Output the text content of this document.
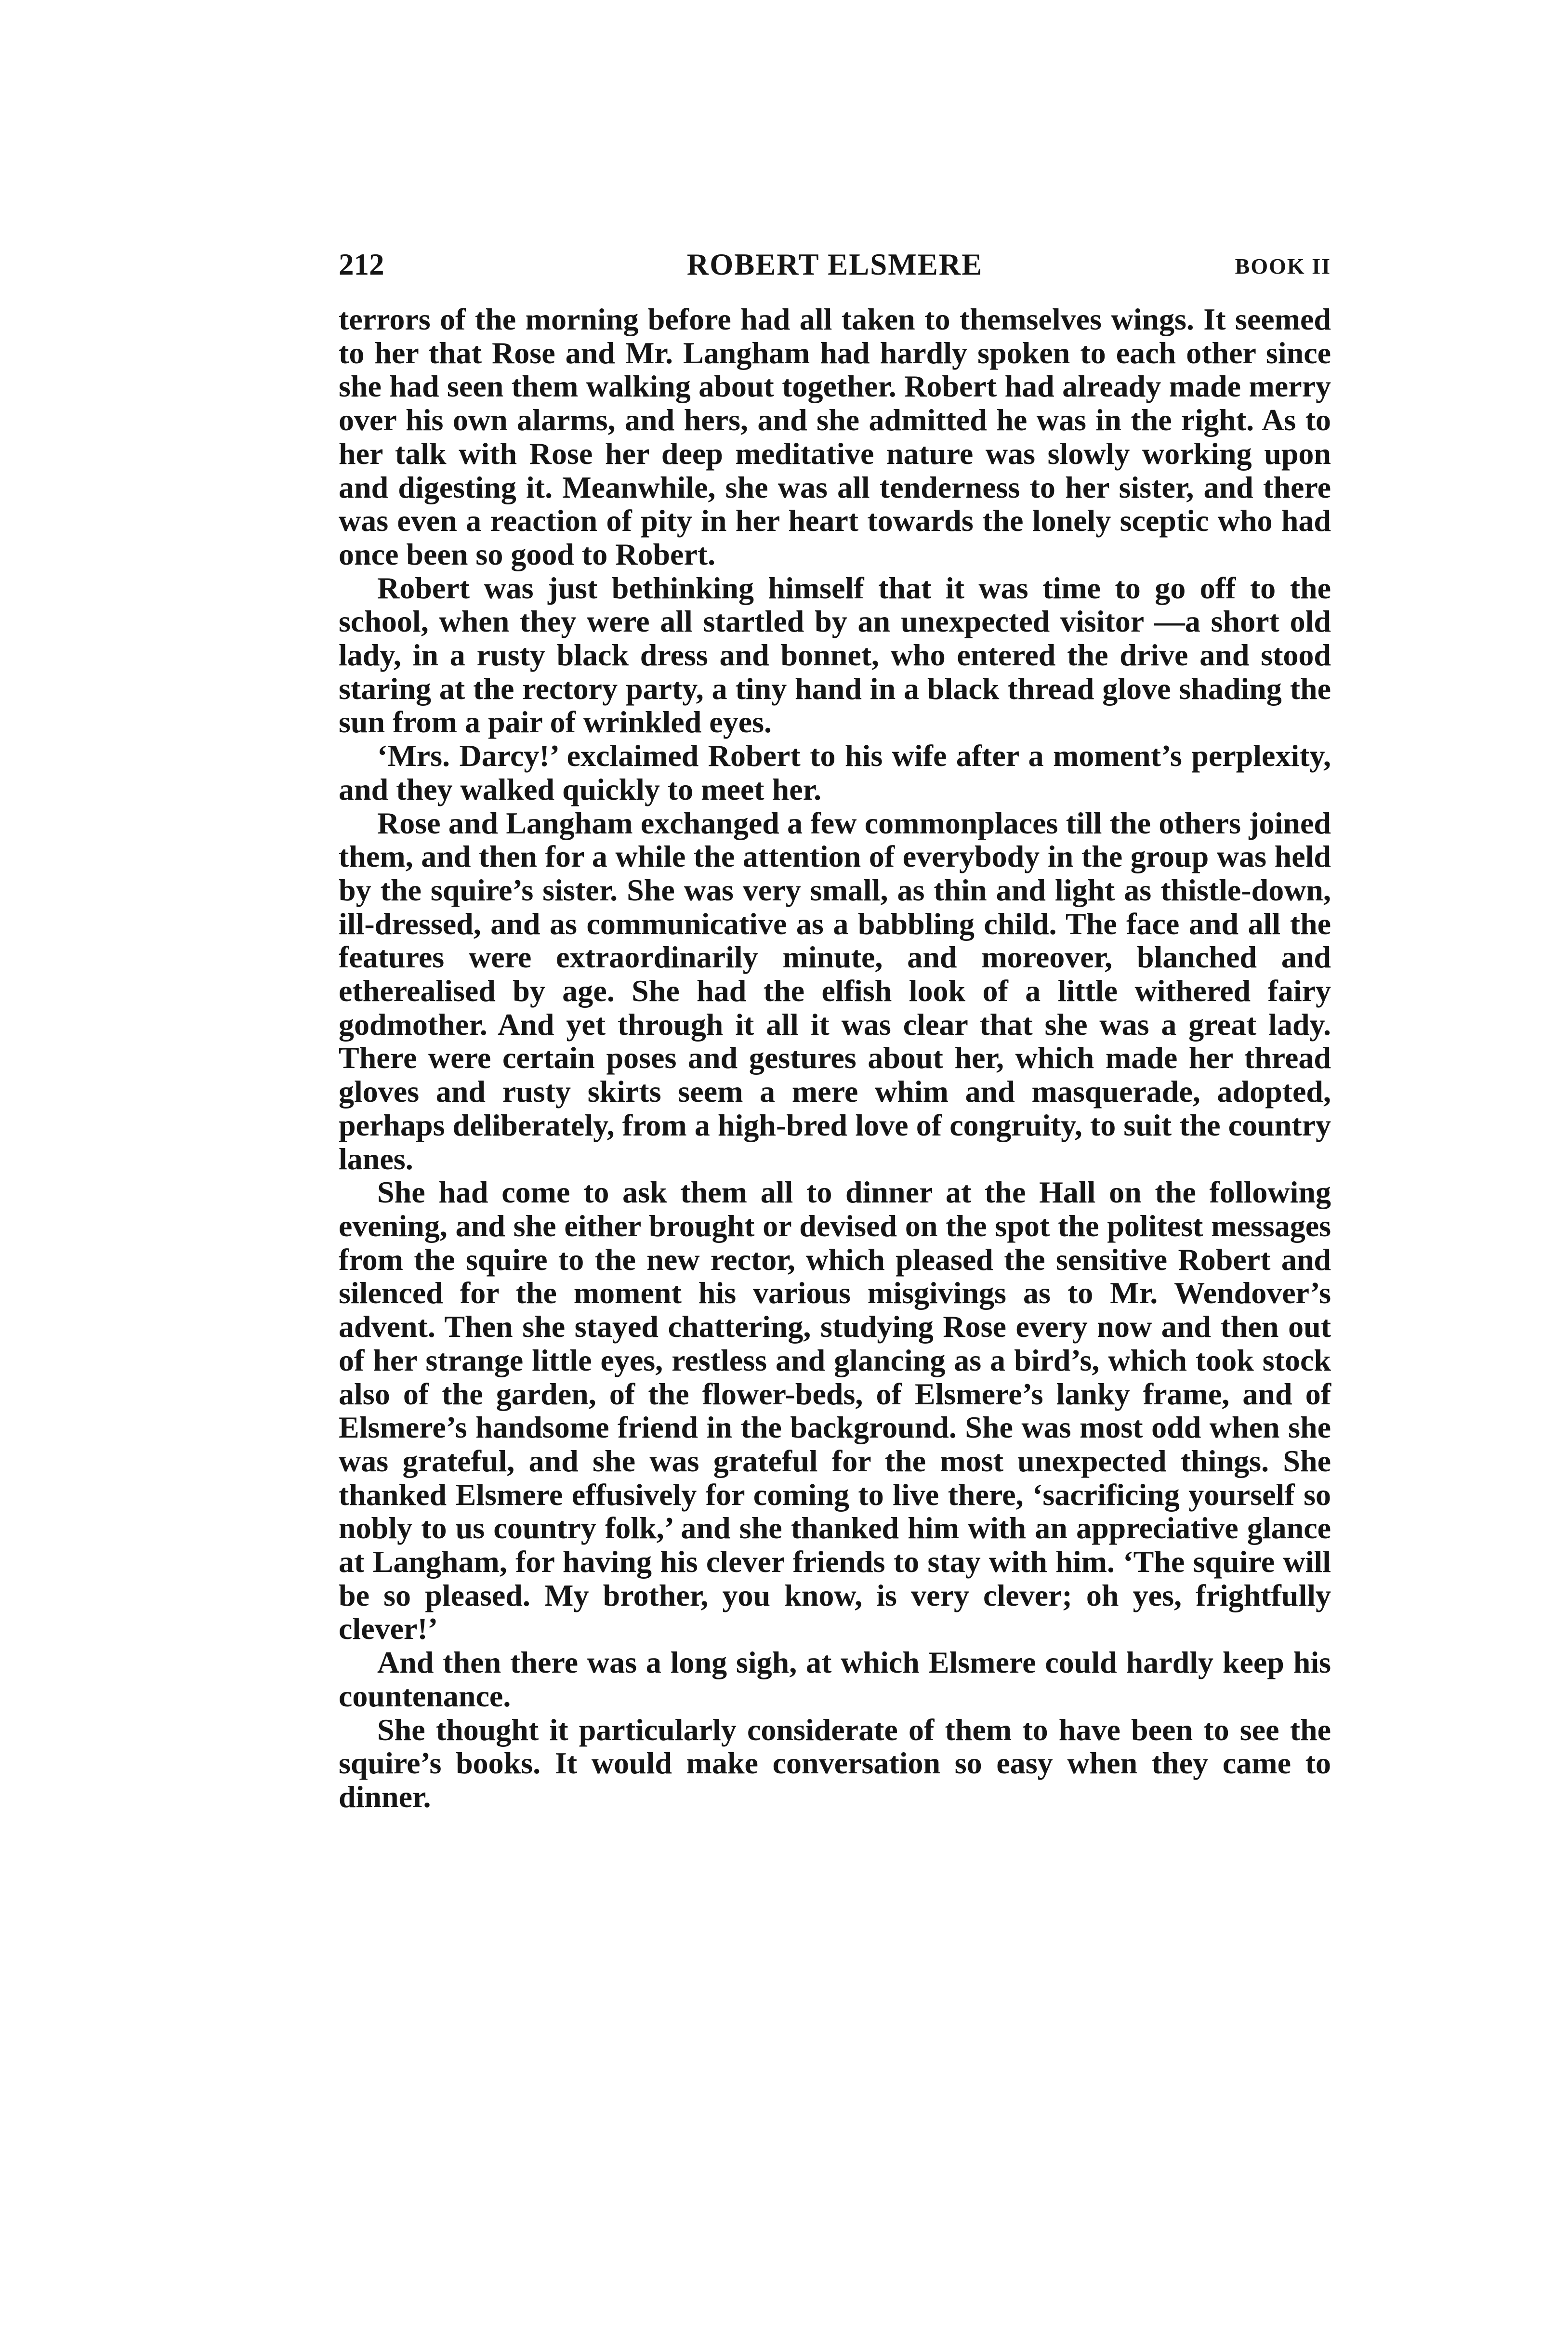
212	ROBERT ELSMERE	BOOK II

terrors of the morning before had all taken to themselves wings. It seemed to her that Rose and Mr. Langham had hardly spoken to each other since she had seen them walking about together. Robert had already made merry over his own alarms, and hers, and she admitted he was in the right. As to her talk with Rose her deep meditative nature was slowly working upon and digesting it. Meanwhile, she was all tenderness to her sister, and there was even a reaction of pity in her heart towards the lonely sceptic who had once been so good to Robert.

Robert was just bethinking himself that it was time to go off to the school, when they were all startled by an unexpected visitor —a short old lady, in a rusty black dress and bonnet, who entered the drive and stood staring at the rectory party, a tiny hand in a black thread glove shading the sun from a pair of wrinkled eyes.

‘Mrs. Darcy!’ exclaimed Robert to his wife after a moment’s perplexity, and they walked quickly to meet her.

Rose and Langham exchanged a few commonplaces till the others joined them, and then for a while the attention of everybody in the group was held by the squire’s sister. She was very small, as thin and light as thistle-down, ill-dressed, and as communicative as a babbling child. The face and all the features were extraordinarily minute, and moreover, blanched and etherealised by age. She had the elfish look of a little withered fairy godmother. And yet through it all it was clear that she was a great lady. There were certain poses and gestures about her, which made her thread gloves and rusty skirts seem a mere whim and masquerade, adopted, perhaps deliberately, from a high-bred love of congruity, to suit the country lanes.

She had come to ask them all to dinner at the Hall on the following evening, and she either brought or devised on the spot the politest messages from the squire to the new rector, which pleased the sensitive Robert and silenced for the moment his various misgivings as to Mr. Wendover’s advent. Then she stayed chattering, studying Rose every now and then out of her strange little eyes, restless and glancing as a bird’s, which took stock also of the garden, of the flower-beds, of Elsmere’s lanky frame, and of Elsmere’s handsome friend in the background. She was most odd when she was grateful, and she was grateful for the most unexpected things. She thanked Elsmere effusively for coming to live there, ‘sacrificing yourself so nobly to us country folk,’ and she thanked him with an appreciative glance at Langham, for having his clever friends to stay with him. ‘The squire will be so pleased. My brother, you know, is very clever; oh yes, frightfully clever!’

And then there was a long sigh, at which Elsmere could hardly keep his countenance.

She thought it particularly considerate of them to have been to see the squire’s books. It would make conversation so easy when they came to dinner.
